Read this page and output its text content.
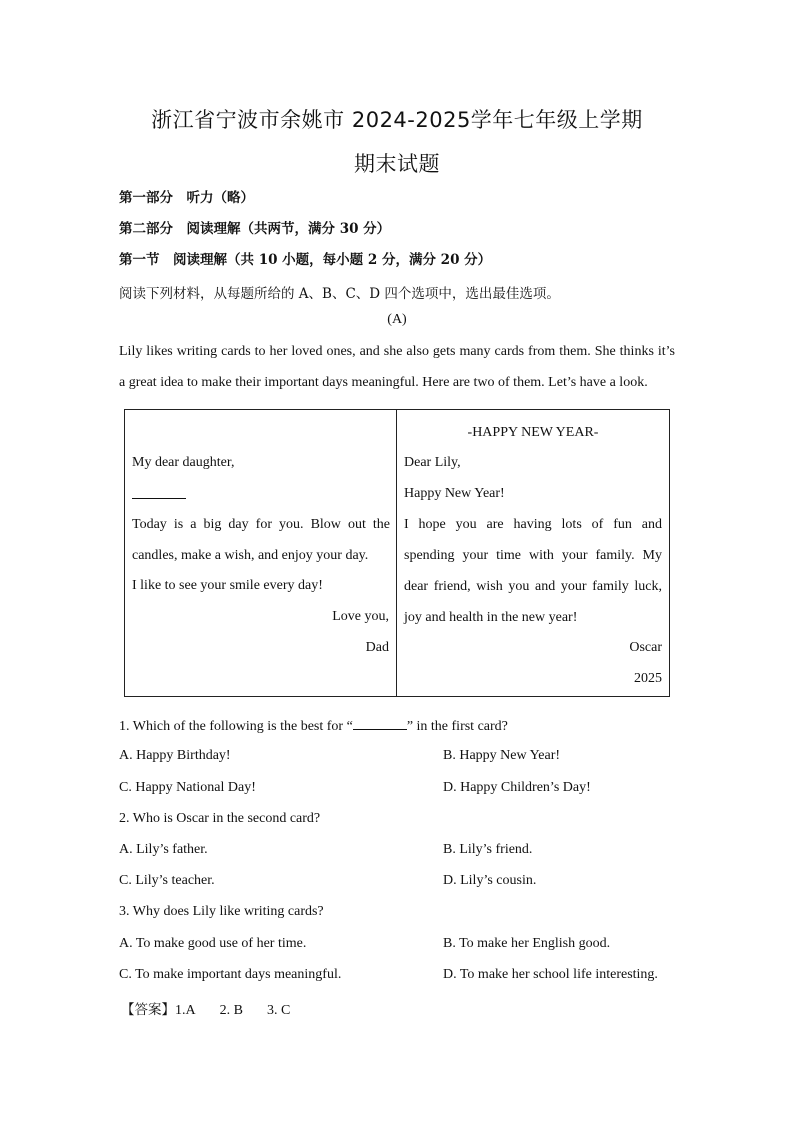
浙江省宁波市余姚市 2024-2025学年七年级上学期
期末试题
第一部分　听力（略）
第二部分　阅读理解（共两节，满分 30 分）
第一节　阅读理解（共 10 小题，每小题 2 分，满分 20 分）
阅读下列材料，从每题所给的 A、B、C、D 四个选项中，选出最佳选项。
(A)
Lily likes writing cards to her loved ones, and she also gets many cards from them. She thinks it’s a great idea to make their important days meaningful. Here are two of them. Let’s have a look.
My dear daughter,
Today is a big day for you. Blow out the candles, make a wish, and enjoy your day.
I like to see your smile every day!
Love you,
Dad
-HAPPY NEW YEAR-
Dear Lily,
Happy New Year!
I hope you are having lots of fun and spending your time with your family. My dear friend, wish you and your family luck, joy and health in the new year!
Oscar
2025
1. Which of the following is the best for “	” in the first card?
A. Happy Birthday!	B. Happy New Year!
C. Happy National Day!	D. Happy Children’s Day!
2. Who is Oscar in the second card?
A. Lily’s father.	B. Lily’s friend.
C. Lily’s teacher.	D. Lily’s cousin.
3. Why does Lily like writing cards?
A. To make good use of her time.	B. To make her English good.
C. To make important days meaningful.	D. To make her school life interesting.
【答案】1.A 2. B 3. C
